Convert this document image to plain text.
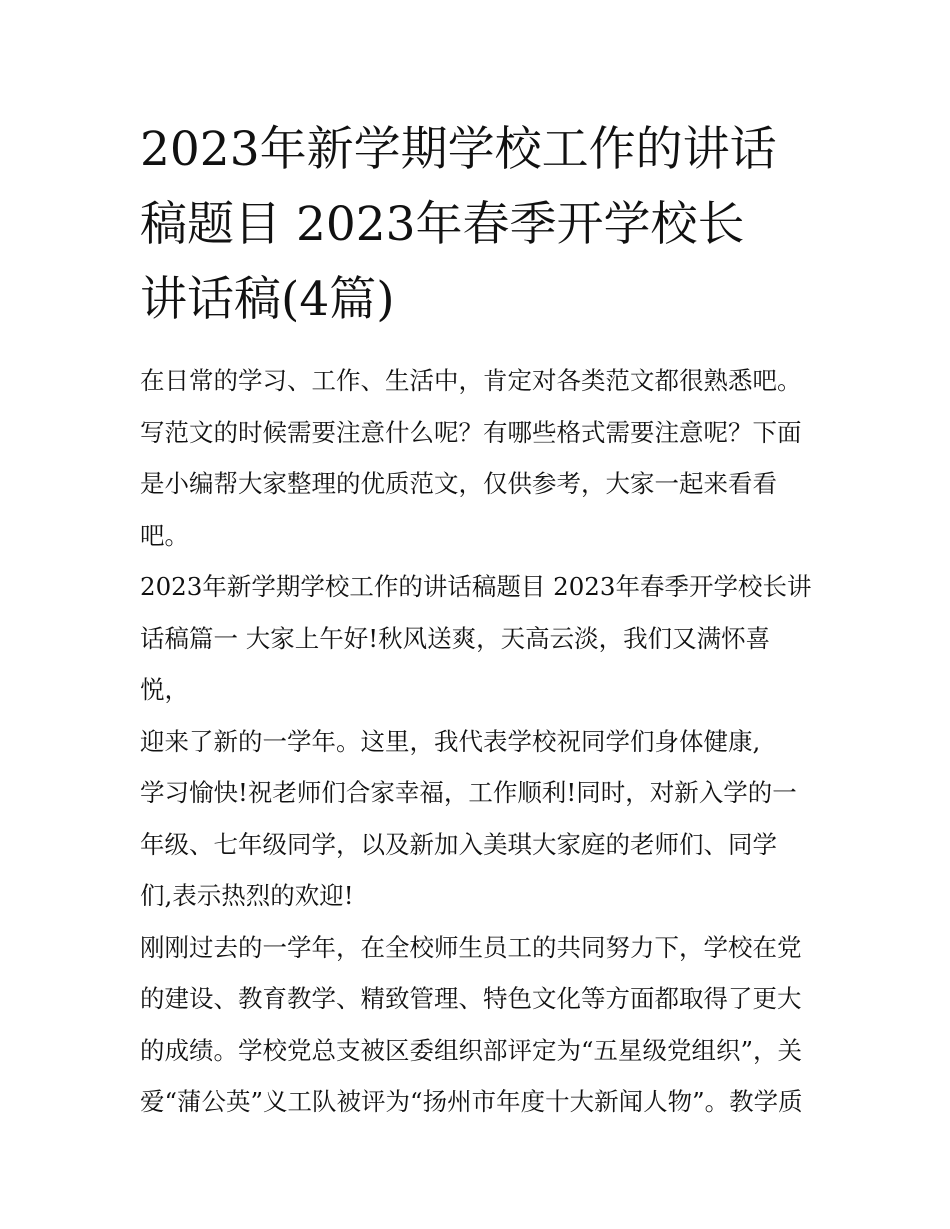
2023年新学期学校工作的讲话
稿题目 2023年春季开学校长
讲话稿(4篇)
在日常的学习、工作、生活中，肯定对各类范文都很熟悉吧。
写范文的时候需要注意什么呢？有哪些格式需要注意呢？下面
是小编帮大家整理的优质范文，仅供参考，大家一起来看看
吧。
2023年新学期学校工作的讲话稿题目 2023年春季开学校长讲
话稿篇一 大家上午好!秋风送爽，天高云淡，我们又满怀喜
悦，
迎来了新的一学年。这里，我代表学校祝同学们身体健康,
学习愉快!祝老师们合家幸福，工作顺利!同时，对新入学的一
年级、七年级同学，以及新加入美琪大家庭的老师们、同学
们,表示热烈的欢迎!
刚刚过去的一学年，在全校师生员工的共同努力下，学校在党
的建设、教育教学、精致管理、特色文化等方面都取得了更大
的成绩。学校党总支被区委组织部评定为“五星级党组织”，关
爱“蒲公英”义工队被评为“扬州市年度十大新闻人物”。教学质
